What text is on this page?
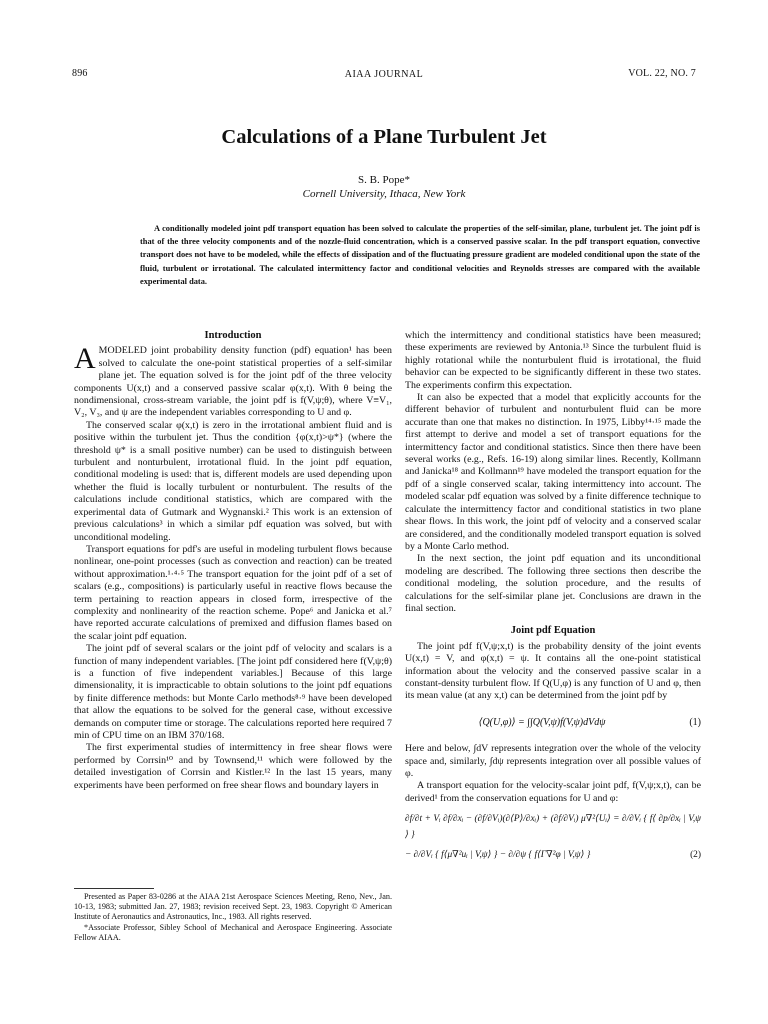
896	AIAA JOURNAL	VOL. 22, NO. 7
Calculations of a Plane Turbulent Jet
S. B. Pope*
Cornell University, Ithaca, New York
A conditionally modeled joint pdf transport equation has been solved to calculate the properties of the self-similar, plane, turbulent jet. The joint pdf is that of the three velocity components and of the nozzle-fluid concentration, which is a conserved passive scalar. In the pdf transport equation, convective transport does not have to be modeled, while the effects of dissipation and of the fluctuating pressure gradient are modeled conditional upon the state of the fluid, turbulent or irrotational. The calculated intermittency factor and conditional velocities and Reynolds stresses are compared with the available experimental data.
Introduction

AMODELED joint probability density function (pdf) equation¹ has been solved to calculate the one-point statistical properties of a self-similar plane jet. The equation solved is for the joint pdf of the three velocity components U(x,t) and a conserved passive scalar φ(x,t). With θ being the nondimensional, cross-stream variable, the joint pdf is f(V,ψ;θ), where V≡V₁, V₂, V₃, and ψ are the independent variables corresponding to U and φ.

The conserved scalar φ(x,t) is zero in the irrotational ambient fluid and is positive within the turbulent jet. Thus the condition {φ(x,t)>ψ*} (where the threshold ψ* is a small positive number) can be used to distinguish between turbulent and nonturbulent, irrotational fluid. In the joint pdf equation, conditional modeling is used: that is, different models are used depending upon whether the fluid is locally turbulent or nonturbulent. The results of the calculations include conditional statistics, which are compared with the experimental data of Gutmark and Wygnanski.² This work is an extension of previous calculations³ in which a similar pdf equation was solved, but with unconditional modeling.

Transport equations for pdf's are useful in modeling turbulent flows because nonlinear, one-point processes (such as convection and reaction) can be treated without approximation.¹·⁴·⁵ The transport equation for the joint pdf of a set of scalars (e.g., compositions) is particularly useful in reactive flows because the term pertaining to reaction appears in closed form, irrespective of the complexity and nonlinearity of the reaction scheme. Pope⁶ and Janicka et al.⁷ have reported accurate calculations of premixed and diffusion flames based on the scalar joint pdf equation.

The joint pdf of several scalars or the joint pdf of velocity and scalars is a function of many independent variables. [The joint pdf considered here f(V,ψ;θ) is a function of five independent variables.] Because of this large dimensionality, it is impracticable to obtain solutions to the joint pdf equations by finite difference methods: but Monte Carlo methods⁸·⁹ have been developed that allow the equations to be solved for the general case, without excessive demands on computer time or storage. The calculations reported here required 7 min of CPU time on an IBM 370/168.

The first experimental studies of intermittency in free shear flows were performed by Corrsin¹⁰ and by Townsend,¹¹ which were followed by the detailed investigation of Corrsin and Kistler.¹² In the last 15 years, many experiments have been performed on free shear flows and boundary layers in

Presented as Paper 83-0286 at the AIAA 21st Aerospace Sciences Meeting, Reno, Nev., Jan. 10-13, 1983; submitted Jan. 27, 1983; revision received Sept. 23, 1983. Copyright © American Institute of Aeronautics and Astronautics, Inc., 1983. All rights reserved.

*Associate Professor, Sibley School of Mechanical and Aerospace Engineering. Associate Fellow AIAA.

which the intermittency and conditional statistics have been measured; these experiments are reviewed by Antonia.¹³ Since the turbulent fluid is highly rotational while the nonturbulent fluid is irrotational, the fluid behavior can be expected to be significantly different in these two states. The experiments confirm this expectation.

It can also be expected that a model that explicitly accounts for the different behavior of turbulent and nonturbulent fluid can be more accurate than one that makes no distinction. In 1975, Libby¹⁴·¹⁵ made the first attempt to derive and model a set of transport equations for the intermittency factor and conditional statistics. Since then there have been several works (e.g., Refs. 16-19) along similar lines. Recently, Kollmann and Janicka¹⁸ and Kollmann¹⁹ have modeled the transport equation for the pdf of a single conserved scalar, taking intermittency into account. The modeled scalar pdf equation was solved by a finite difference technique to calculate the intermittency factor and conditional statistics in two plane shear flows. In this work, the joint pdf of velocity and a conserved scalar are considered, and the conditionally modeled transport equation is solved by a Monte Carlo method.

In the next section, the joint pdf equation and its unconditional modeling are described. The following three sections then describe the conditional modeling, the solution procedure, and the results of calculations for the self-similar plane jet. Conclusions are drawn in the final section.

Joint pdf Equation

The joint pdf f(V,ψ;x,t) is the probability density of the joint events U(x,t) = V, and φ(x,t) = ψ. It contains all the one-point statistical information about the velocity and the conserved passive scalar in a constant-density turbulent flow. If Q(U,φ) is any function of U and φ, then its mean value (at any x,t) can be determined from the joint pdf by

⟨Q(U,φ)⟩ = ∫∫Q(V,ψ)f(V,ψ)dVdψ	(1)

Here and below, ∫dV represents integration over the whole of the velocity space and, similarly, ∫dψ represents integration over all possible values of φ.

A transport equation for the velocity-scalar joint pdf, f(V,ψ;x,t), can be derived¹ from the conservation equations for U and φ:

∂f/∂t + Vᵢ ∂f/∂xᵢ − (∂f/∂Vᵢ)(∂⟨P⟩/∂xᵢ) + (∂f/∂Vᵢ) μ∇²⟨Uᵢ⟩ = ∂/∂Vᵢ { f⟨ ∂p/∂xᵢ | V,ψ ⟩ }
− ∂/∂Vᵢ { f⟨μ∇²uᵢ | V,ψ⟩ } − ∂/∂ψ { f⟨Γ∇²φ | V,ψ⟩ }	(2)
